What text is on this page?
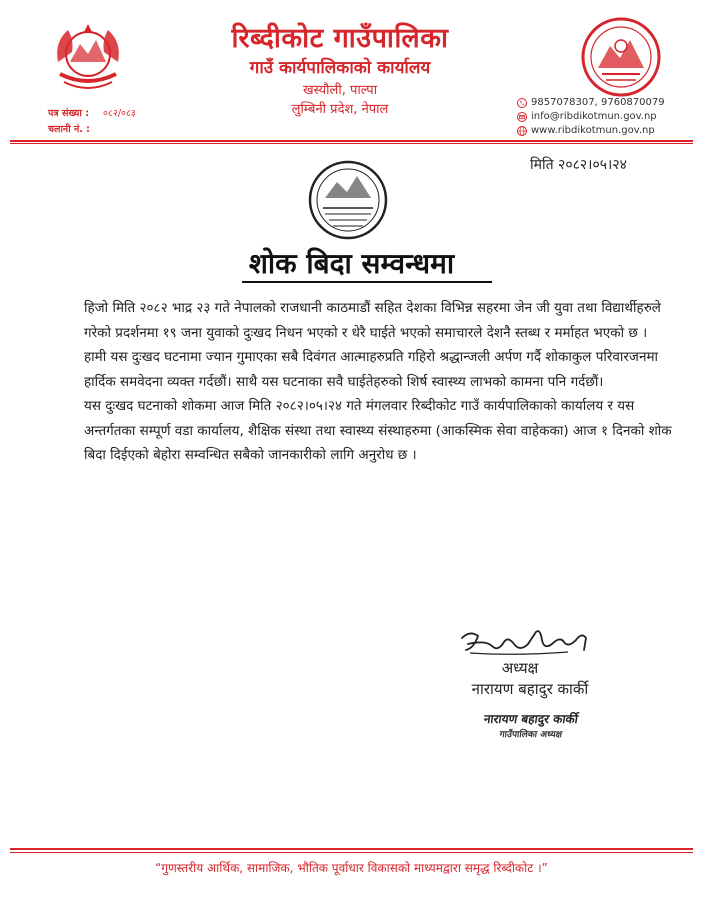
रिब्दीकोट गाउँपालिका
गाउँ कार्यपालिकाको कार्यालय
खस्यौली, पाल्पा
लुम्बिनी प्रदेश, नेपाल
पत्र संख्या : ०८२/०८३
चलानी नं. :
9857078307, 9760870079
info@ribdikotmun.gov.np
www.ribdikotmun.gov.np
मिति २०८२।०५।२४
शोक बिदा सम्वन्धमा

हिजो मिति २०८२ भाद्र २३ गते नेपालको राजधानी काठमाडौं सहित देशका विभिन्न सहरमा जेन जी युवा तथा विद्यार्थीहरुले गरेको प्रदर्शनमा १९ जना युवाको दुःखद निधन भएको र धेरै घाईते भएको समाचारले देशनै स्तब्ध र मर्माहत भएको छ ।

हामी यस दुःखद घटनामा ज्यान गुमाएका सबै दिवंगत आत्माहरुप्रति गहिरो श्रद्धान्जली अर्पण गर्दै शोकाकुल परिवारजनमा हार्दिक समवेदना व्यक्त गर्दछौं। साथै यस घटनाका सवै घाईतेहरुको शिर्ष स्वास्थ्य लाभको कामना पनि गर्दछौं।

यस दुःखद घटनाको शोकमा आज मिति २०८२।०५।२४ गते मंगलवार रिब्दीकोट गाउँ कार्यपालिकाको कार्यालय र यस अन्तर्गतका सम्पूर्ण वडा कार्यालय, शैक्षिक संस्था तथा स्वास्थ्य संस्थाहरुमा (आकस्मिक सेवा वाहेकका) आज १ दिनको शोक बिदा दिईएको बेहोरा सम्वन्धित सबैको जानकारीको लागि अनुरोध छ ।

अध्यक्ष
नारायण बहादुर कार्की
नारायण बहादुर कार्की
गाउँपालिका अध्यक्ष
“गुणस्तरीय आर्थिक, सामाजिक, भौतिक पूर्वाधार विकासको माध्यमद्वारा समृद्ध रिब्दीकोट ।”
